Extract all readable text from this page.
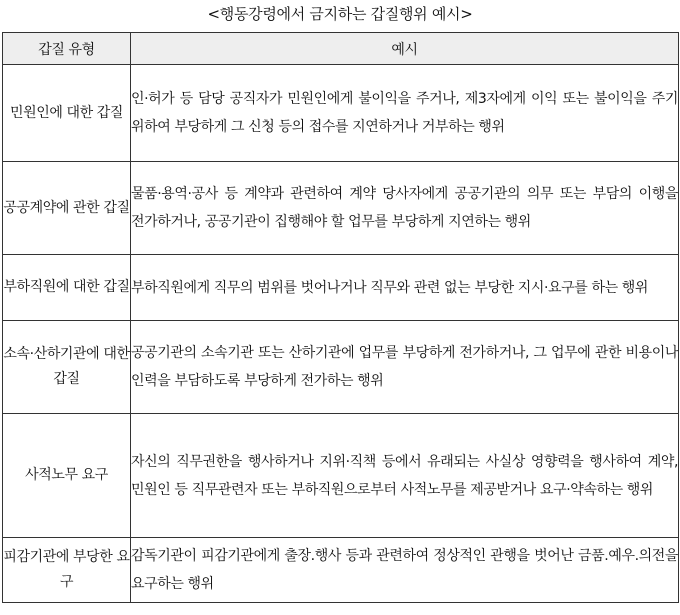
<행동강령에서 금지하는 갑질행위 예시>
갑질 유형	예시
민원인에 대한 갑질	인·허가 등 담당 공직자가 민원인에게 불이익을 주거나, 제3자에게 이익 또는 불이익을 주기 위하여 부당하게 그 신청 등의 접수를 지연하거나 거부하는 행위
공공계약에 관한 갑질	물품·용역·공사 등 계약과 관련하여 계약 당사자에게 공공기관의 의무 또는 부담의 이행을 전가하거나, 공공기관이 집행해야 할 업무를 부당하게 지연하는 행위
부하직원에 대한 갑질	부하직원에게 직무의 범위를 벗어나거나 직무와 관련 없는 부당한 지시·요구를 하는 행위
소속·산하기관에 대한 갑질	공공기관의 소속기관 또는 산하기관에 업무를 부당하게 전가하거나, 그 업무에 관한 비용이나 인력을 부담하도록 부당하게 전가하는 행위
사적노무 요구	자신의 직무권한을 행사하거나 지위·직책 등에서 유래되는 사실상 영향력을 행사하여 계약, 민원인 등 직무관련자 또는 부하직원으로부터 사적노무를 제공받거나 요구·약속하는 행위
피감기관에 부당한 요구	감독기관이 피감기관에게 출장.행사 등과 관련하여 정상적인 관행을 벗어난 금품.예우.의전을 요구하는 행위
